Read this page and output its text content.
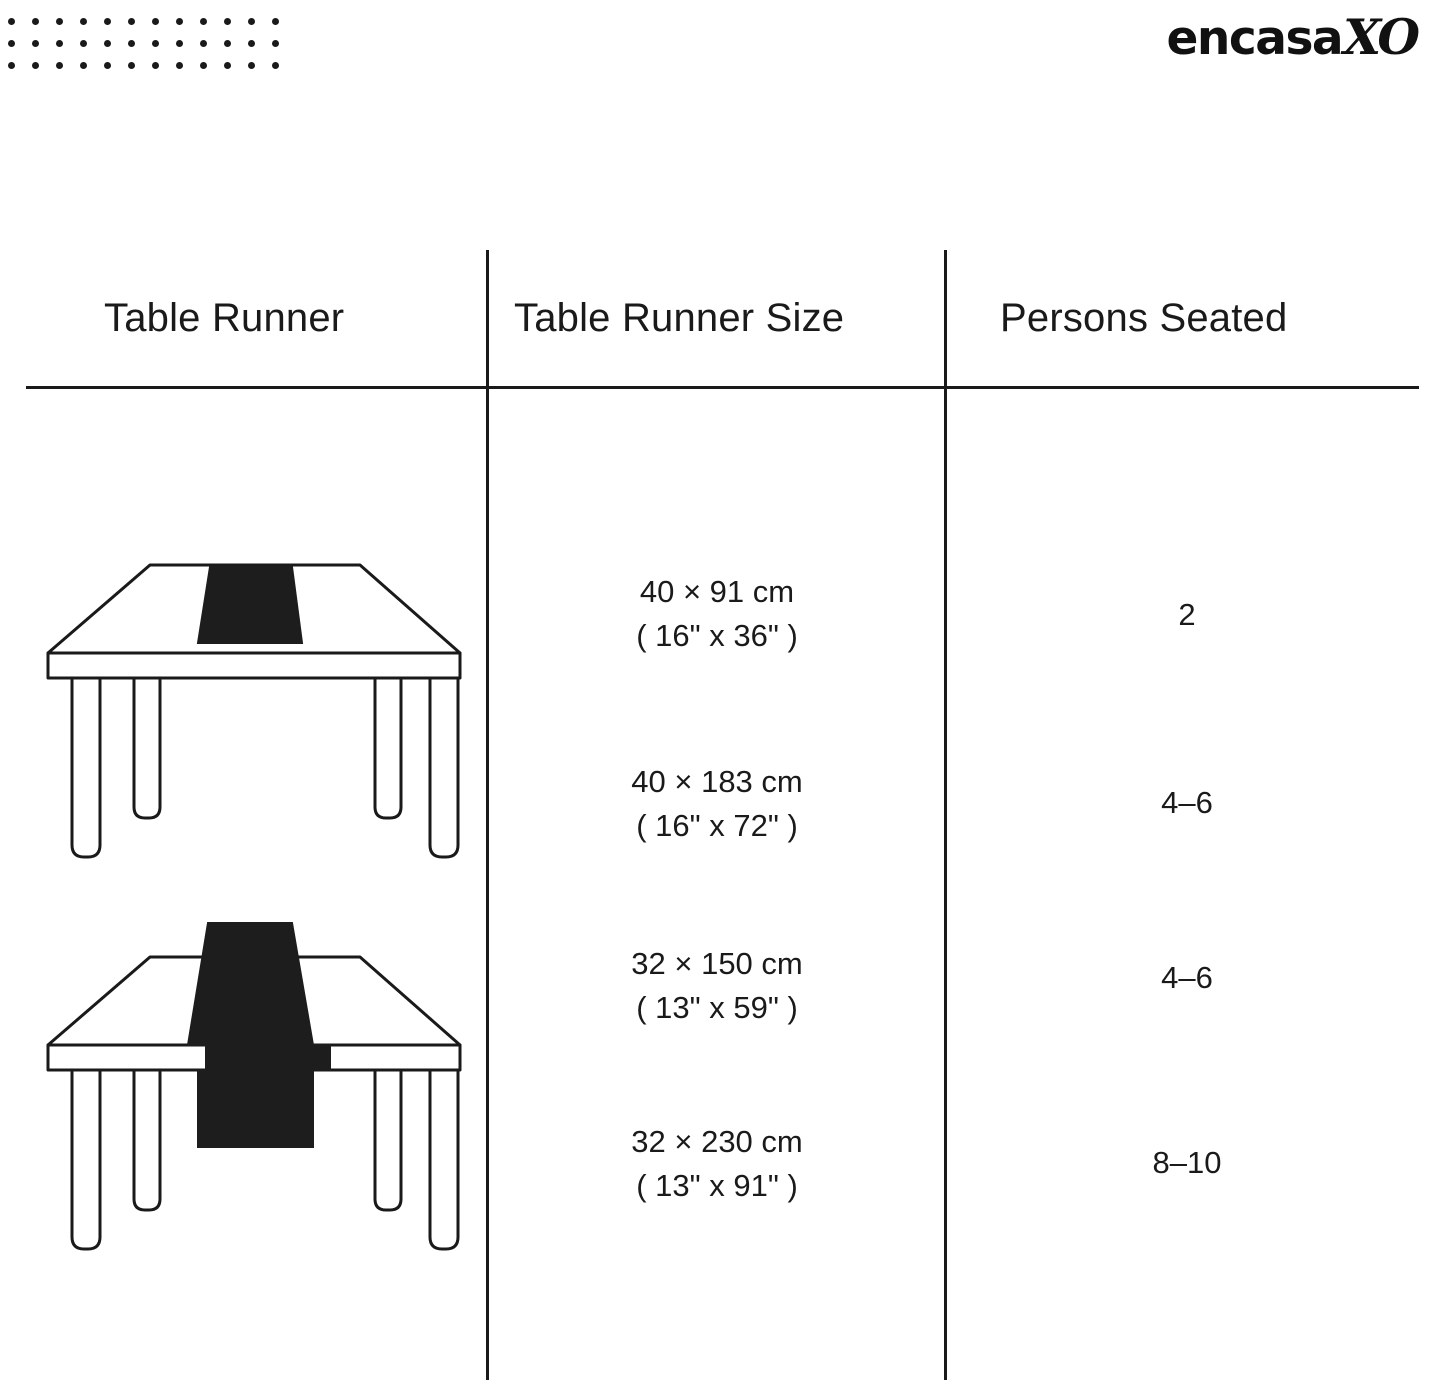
encasa XO
Table Runner	Table Runner Size	Persons Seated
40 × 91 cm
( 16" x 36" )
40 × 183 cm
( 16" x 72" )
32 × 150 cm
( 13" x 59" )
32 × 230 cm
( 13" x 91" )
2
4–6
4–6
8–10
